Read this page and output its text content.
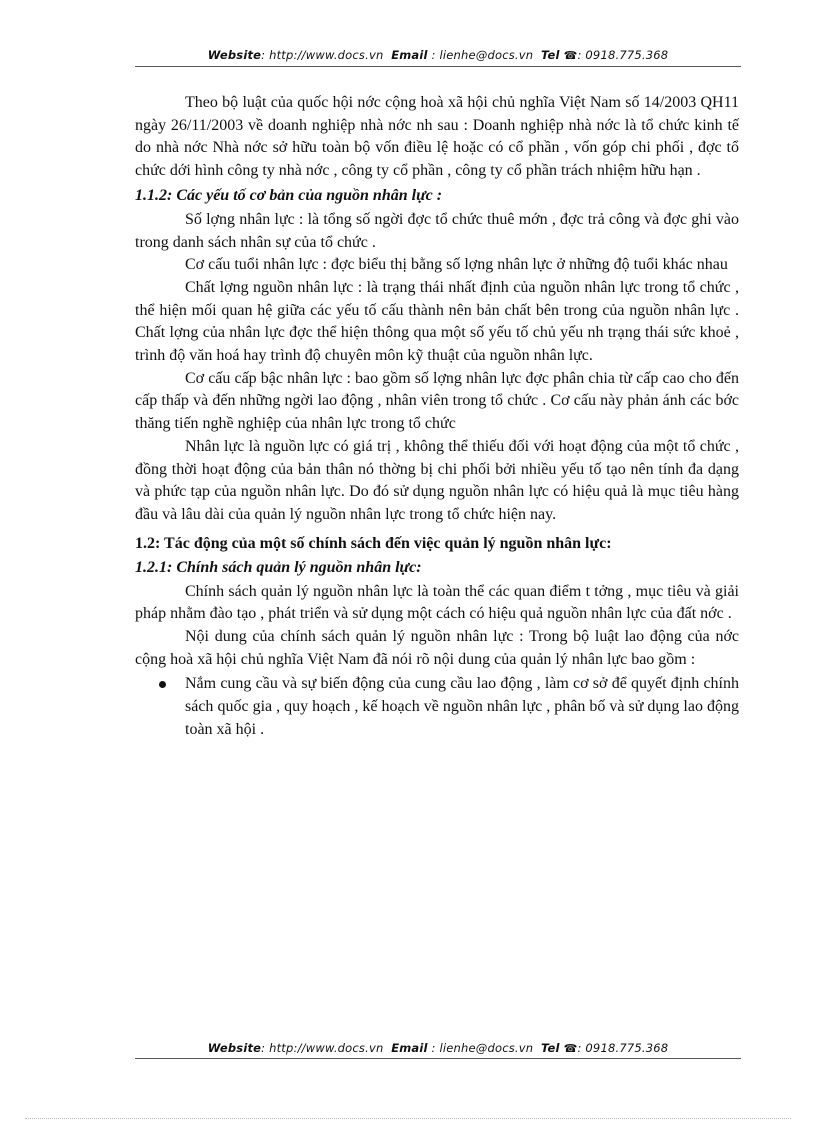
Website: http://www.docs.vn Email : lienhe@docs.vn Tel ☎: 0918.775.368

Theo bộ luật của quốc hội nớc cộng hoà xã hội chủ nghĩa Việt Nam số 14/2003 QH11 ngày 26/11/2003 về doanh nghiệp nhà nớc nh sau : Doanh nghiệp nhà nớc là tổ chức kinh tế do nhà nớc Nhà nớc sở hữu toàn bộ vốn điều lệ hoặc có cổ phần , vốn góp chi phối , đợc tổ chức dới hình công ty nhà nớc , công ty cổ phần , công ty cổ phần trách nhiệm hữu hạn .

1.1.2: Các yếu tố cơ bản của nguồn nhân lực :

Số lợng nhân lực : là tổng số ngời đợc tổ chức thuê mớn , đợc trả công và đợc ghi vào trong danh sách nhân sự của tổ chức .

Cơ cấu tuổi nhân lực : đợc biểu thị bằng số lợng nhân lực ở những độ tuổi khác nhau

Chất lợng nguồn nhân lực : là trạng thái nhất định của nguồn nhân lực trong tổ chức , thể hiện mối quan hệ giữa các yếu tố cấu thành nên bản chất bên trong của nguồn nhân lực . Chất lợng của nhân lực đợc thể hiện thông qua một số yếu tố chủ yếu nh trạng thái sức khoẻ , trình độ văn hoá hay trình độ chuyên môn kỹ thuật của nguồn nhân lực.

Cơ cấu cấp bậc nhân lực : bao gồm số lợng nhân lực đợc phân chia từ cấp cao cho đến cấp thấp và đến những ngời lao động , nhân viên trong tổ chức . Cơ cấu này phản ánh các bớc thăng tiến nghề nghiệp của nhân lực trong tổ chức

Nhân lực là nguồn lực có giá trị , không thể thiếu đối với hoạt động của một tổ chức , đồng thời hoạt động của bản thân nó thờng bị chi phối bởi nhiều yếu tố tạo nên tính đa dạng và phức tạp của nguồn nhân lực. Do đó sử dụng nguồn nhân lực có hiệu quả là mục tiêu hàng đầu và lâu dài của quản lý nguồn nhân lực trong tổ chức hiện nay.

1.2: Tác động của một số chính sách đến việc quản lý nguồn nhân lực:
1.2.1: Chính sách quản lý nguồn nhân lực:

Chính sách quản lý nguồn nhân lực là toàn thể các quan điểm t tởng , mục tiêu và giải pháp nhằm đào tạo , phát triển và sử dụng một cách có hiệu quả nguồn nhân lực của đất nớc .

Nội dung của chính sách quản lý nguồn nhân lực : Trong bộ luật lao động của nớc cộng hoà xã hội chủ nghĩa Việt Nam đã nói rõ nội dung của quản lý nhân lực bao gồm :

Nắm cung cầu và sự biến động của cung cầu lao động , làm cơ sở để quyết định chính sách quốc gia , quy hoạch , kế hoạch về nguồn nhân lực , phân bố và sử dụng lao động toàn xã hội .
Website: http://www.docs.vn Email : lienhe@docs.vn Tel ☎: 0918.775.368
